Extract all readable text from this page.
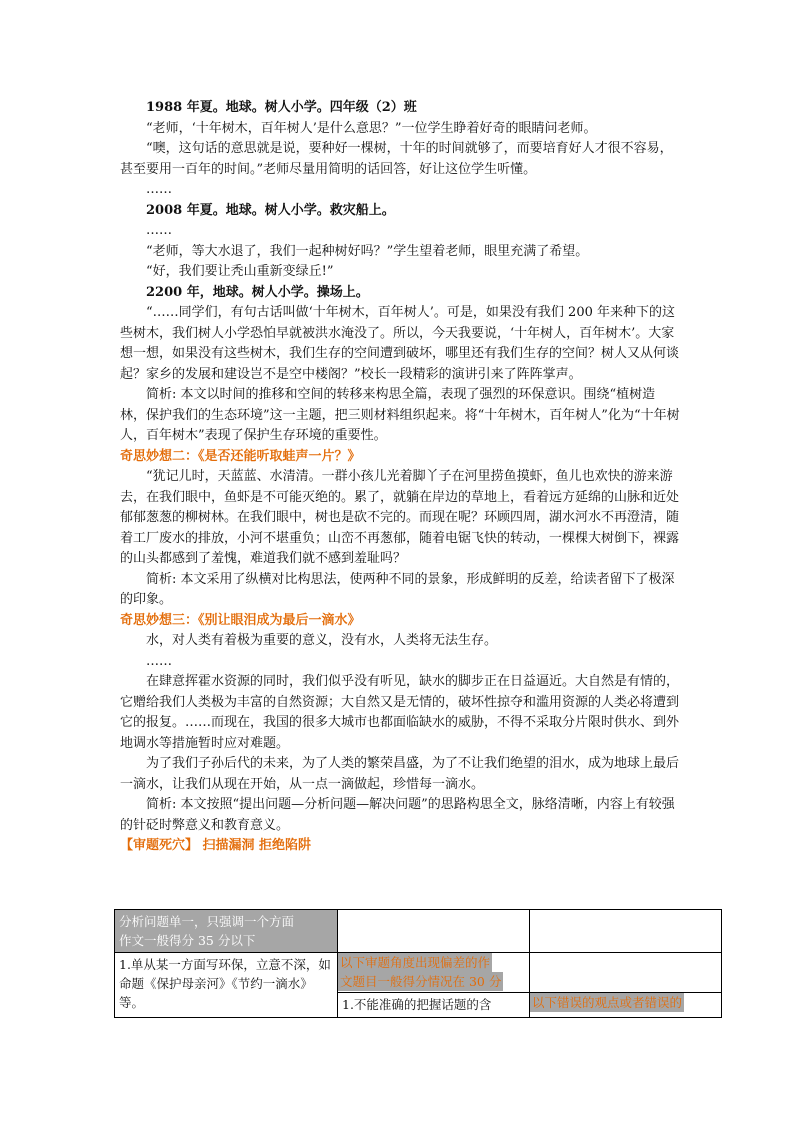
1988 年夏。地球。树人小学。四年级（2）班

“老师，‘十年树木，百年树人’是什么意思？”一位学生睁着好奇的眼睛问老师。

“噢，这句话的意思就是说，要种好一棵树，十年的时间就够了，而要培育好人才很不容易，甚至要用一百年的时间。”老师尽量用简明的话回答，好让这位学生听懂。

……

2008 年夏。地球。树人小学。救灾船上。

……

“老师，等大水退了，我们一起种树好吗？”学生望着老师，眼里充满了希望。

“好，我们要让秃山重新变绿丘!”

2200 年，地球。树人小学。操场上。

“……同学们，有句古话叫做‘十年树木，百年树人’。可是，如果没有我们 200 年来种下的这些树木，我们树人小学恐怕早就被洪水淹没了。所以，今天我要说，‘十年树人，百年树木’。大家想一想，如果没有这些树木，我们生存的空间遭到破坏，哪里还有我们生存的空间？树人又从何谈起？家乡的发展和建设岂不是空中楼阁？”校长一段精彩的演讲引来了阵阵掌声。

简析: 本文以时间的推移和空间的转移来构思全篇，表现了强烈的环保意识。围绕“植树造林，保护我们的生态环境”这一主题，把三则材料组织起来。将“十年树木，百年树人”化为“十年树人，百年树木”表现了保护生存环境的重要性。

奇思妙想二：《是否还能听取蛙声一片？》

“犹记儿时，天蓝蓝、水清清。一群小孩儿光着脚丫子在河里捞鱼摸虾，鱼儿也欢快的游来游去，在我们眼中，鱼虾是不可能灭绝的。累了，就躺在岸边的草地上，看着远方延绵的山脉和近处郁郁葱葱的柳树林。在我们眼中，树也是砍不完的。而现在呢？环顾四周，湖水河水不再澄清，随着工厂废水的排放，小河不堪重负；山峦不再葱郁，随着电锯飞快的转动，一棵棵大树倒下，裸露的山头都感到了羞愧，难道我们就不感到羞耻吗？

简析: 本文采用了纵横对比构思法，使两种不同的景象，形成鲜明的反差，给读者留下了极深的印象。

奇思妙想三：《别让眼泪成为最后一滴水》

水，对人类有着极为重要的意义，没有水，人类将无法生存。

……

在肆意挥霍水资源的同时，我们似乎没有听见，缺水的脚步正在日益逼近。大自然是有情的，它赠给我们人类极为丰富的自然资源；大自然又是无情的，破坏性掠夺和滥用资源的人类必将遭到它的报复。……而现在，我国的很多大城市也都面临缺水的威胁，不得不采取分片限时供水、到外地调水等措施暂时应对难题。

为了我们子孙后代的未来，为了人类的繁荣昌盛，为了不让我们绝望的泪水，成为地球上最后一滴水，让我们从现在开始，从一点一滴做起，珍惜每一滴水。

简析: 本文按照“提出问题—分析问题—解决问题”的思路构思全文，脉络清晰，内容上有较强的针砭时弊意义和教育意义。

【审题死穴】 扫描漏洞 拒绝陷阱

分析问题单一，只强调一个方面
作文一般得分 35 分以下		

1.单从某一方面写环保，立意不深，如命题《保护母亲河》《节约一滴水》等。	以下审题角度出现偏差的作 文题目一般得分情况在 30 分	

	1.不能准确的把握话题的含	以下错误的观点或者错误的
